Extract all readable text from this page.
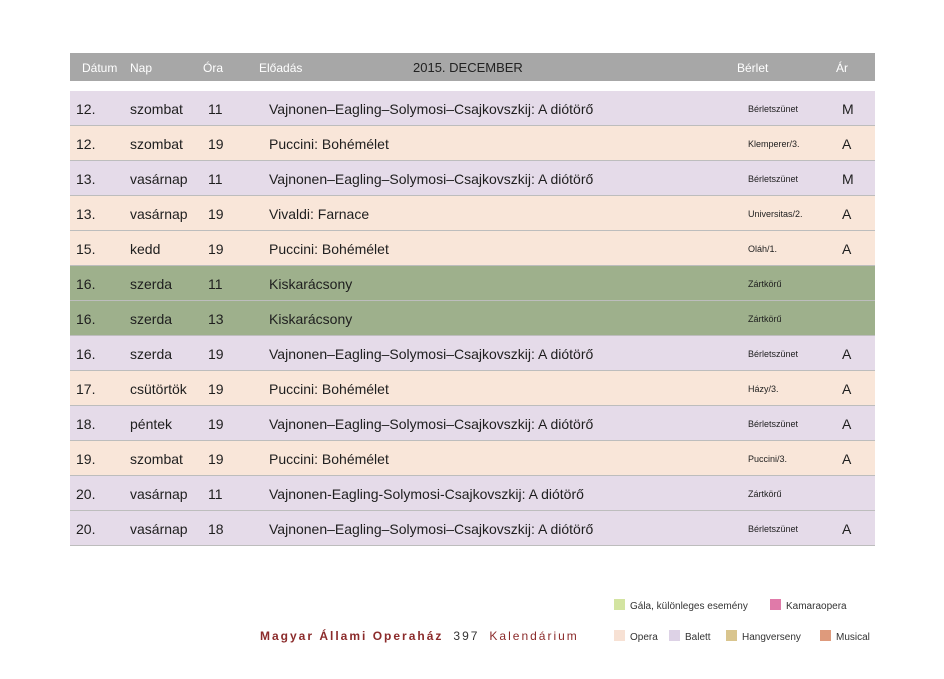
Dátum Nap	Óra	Előadás	2015. DECEMBER	Bérlet	Ár
12. szombat 11	Vajnonen–Eagling–Solymosi–Csajkovszkij: A diótörő	Bérletszünet	M
12. szombat 19	Puccini: Bohémélet	Klemperer/3.	A
13. vasárnap 11	Vajnonen–Eagling–Solymosi–Csajkovszkij: A diótörő	Bérletszünet	M
13. vasárnap 19	Vivaldi: Farnace	Universitas/2.	A
15. kedd	19	Puccini: Bohémélet	Oláh/1.	A
16. szerda	11	Kiskarácsony	Zártkörű
16. szerda	13	Kiskarácsony	Zártkörű
16. szerda	19	Vajnonen–Eagling–Solymosi–Csajkovszkij: A diótörő	Bérletszünet	A
17. csütörtök 19	Puccini: Bohémélet	Házy/3.	A
18. péntek	19	Vajnonen–Eagling–Solymosi–Csajkovszkij: A diótörő	Bérletszünet	A
19. szombat 19	Puccini: Bohémélet	Puccini/3.	A
20. vasárnap 11	Vajnonen-Eagling-Solymosi-Csajkovszkij: A diótörő	Zártkörű
20. vasárnap 18	Vajnonen–Eagling–Solymosi–Csajkovszkij: A diótörő	Bérletszünet	A
Magyar Állami Operaház 397 Kalendárium
Gála, különleges esemény	Kamaraopera
Opera	Balett	Hangverseny	Musical
